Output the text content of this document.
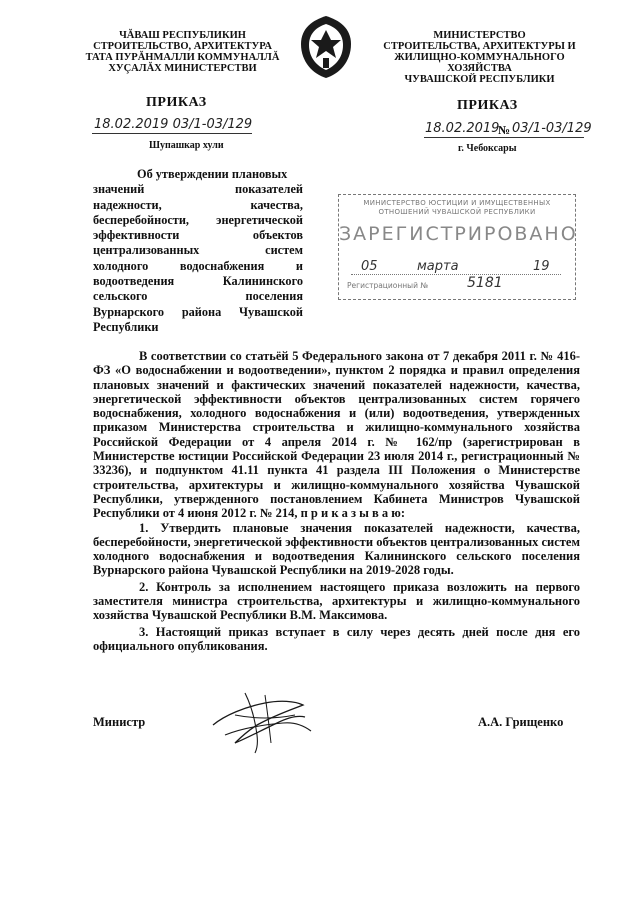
ЧĂВАШ РЕСПУБЛИКИН
СТРОИТЕЛЬСТВО, АРХИТЕКТУРА
ТАТА ПУРĂНМАЛЛИ КОММУНАЛЛĂ
ХУÇАЛĂХ МИНИСТЕРСТВИ
МИНИСТЕРСТВО
СТРОИТЕЛЬСТВА, АРХИТЕКТУРЫ И
ЖИЛИЩНО-КОММУНАЛЬНОГО ХОЗЯЙСТВА
ЧУВАШСКОЙ РЕСПУБЛИКИ
ПРИКАЗ	ПРИКАЗ
18.02.2019 03/1-03/129	18.02.2019
№ 03/1-03/129
Шупашкар хули	г. Чебоксары
МИНИСТЕРСТВО ЮСТИЦИИ И ИМУЩЕСТВЕННЫХ
ОТНОШЕНИЙ ЧУВАШСКОЙ РЕСПУБЛИКИ
ЗАРЕГИСТРИРОВАНО
05	марта	19
Регистрационный №	5181
Об утверждении плановых
значений показателей
надежности, качества,
бесперебойности, энергетической
эффективности объектов
централизованных систем
холодного водоснабжения и
водоотведения Калининского
сельского поселения
Вурнарского района Чувашской
Республики

В соответствии со статьёй 5 Федерального закона от 7 декабря 2011 г. № 416-ФЗ «О водоснабжении и водоотведении», пунктом 2 порядка и правил определения плановых значений и фактических значений показателей надежности, качества, энергетической эффективности объектов централизованных систем горячего водоснабжения, холодного водоснабжения и (или) водоотведения, утвержденных приказом Министерства строительства и жилищно-коммунального хозяйства Российской Федерации от 4 апреля 2014 г. № 162/пр (зарегистрирован в Министерстве юстиции Российской Федерации 23 июля 2014 г., регистрационный № 33236), и подпунктом 41.11 пункта 41 раздела III Положения о Министерстве строительства, архитектуры и жилищно-коммунального хозяйства Чувашской Республики, утвержденного постановлением Кабинета Министров Чувашской Республики от 4 июня 2012 г. № 214, п р и к а з ы в а ю:

1. Утвердить плановые значения показателей надежности, качества, бесперебойности, энергетической эффективности объектов централизованных систем холодного водоснабжения и водоотведения Калининского сельского поселения Вурнарского района Чувашской Республики на 2019-2028 годы.

2. Контроль за исполнением настоящего приказа возложить на первого заместителя министра строительства, архитектуры и жилищно-коммунального хозяйства Чувашской Республики В.М. Максимова.

3. Настоящий приказ вступает в силу через десять дней после дня его официального опубликования.

Министр	А.А. Грищенко
